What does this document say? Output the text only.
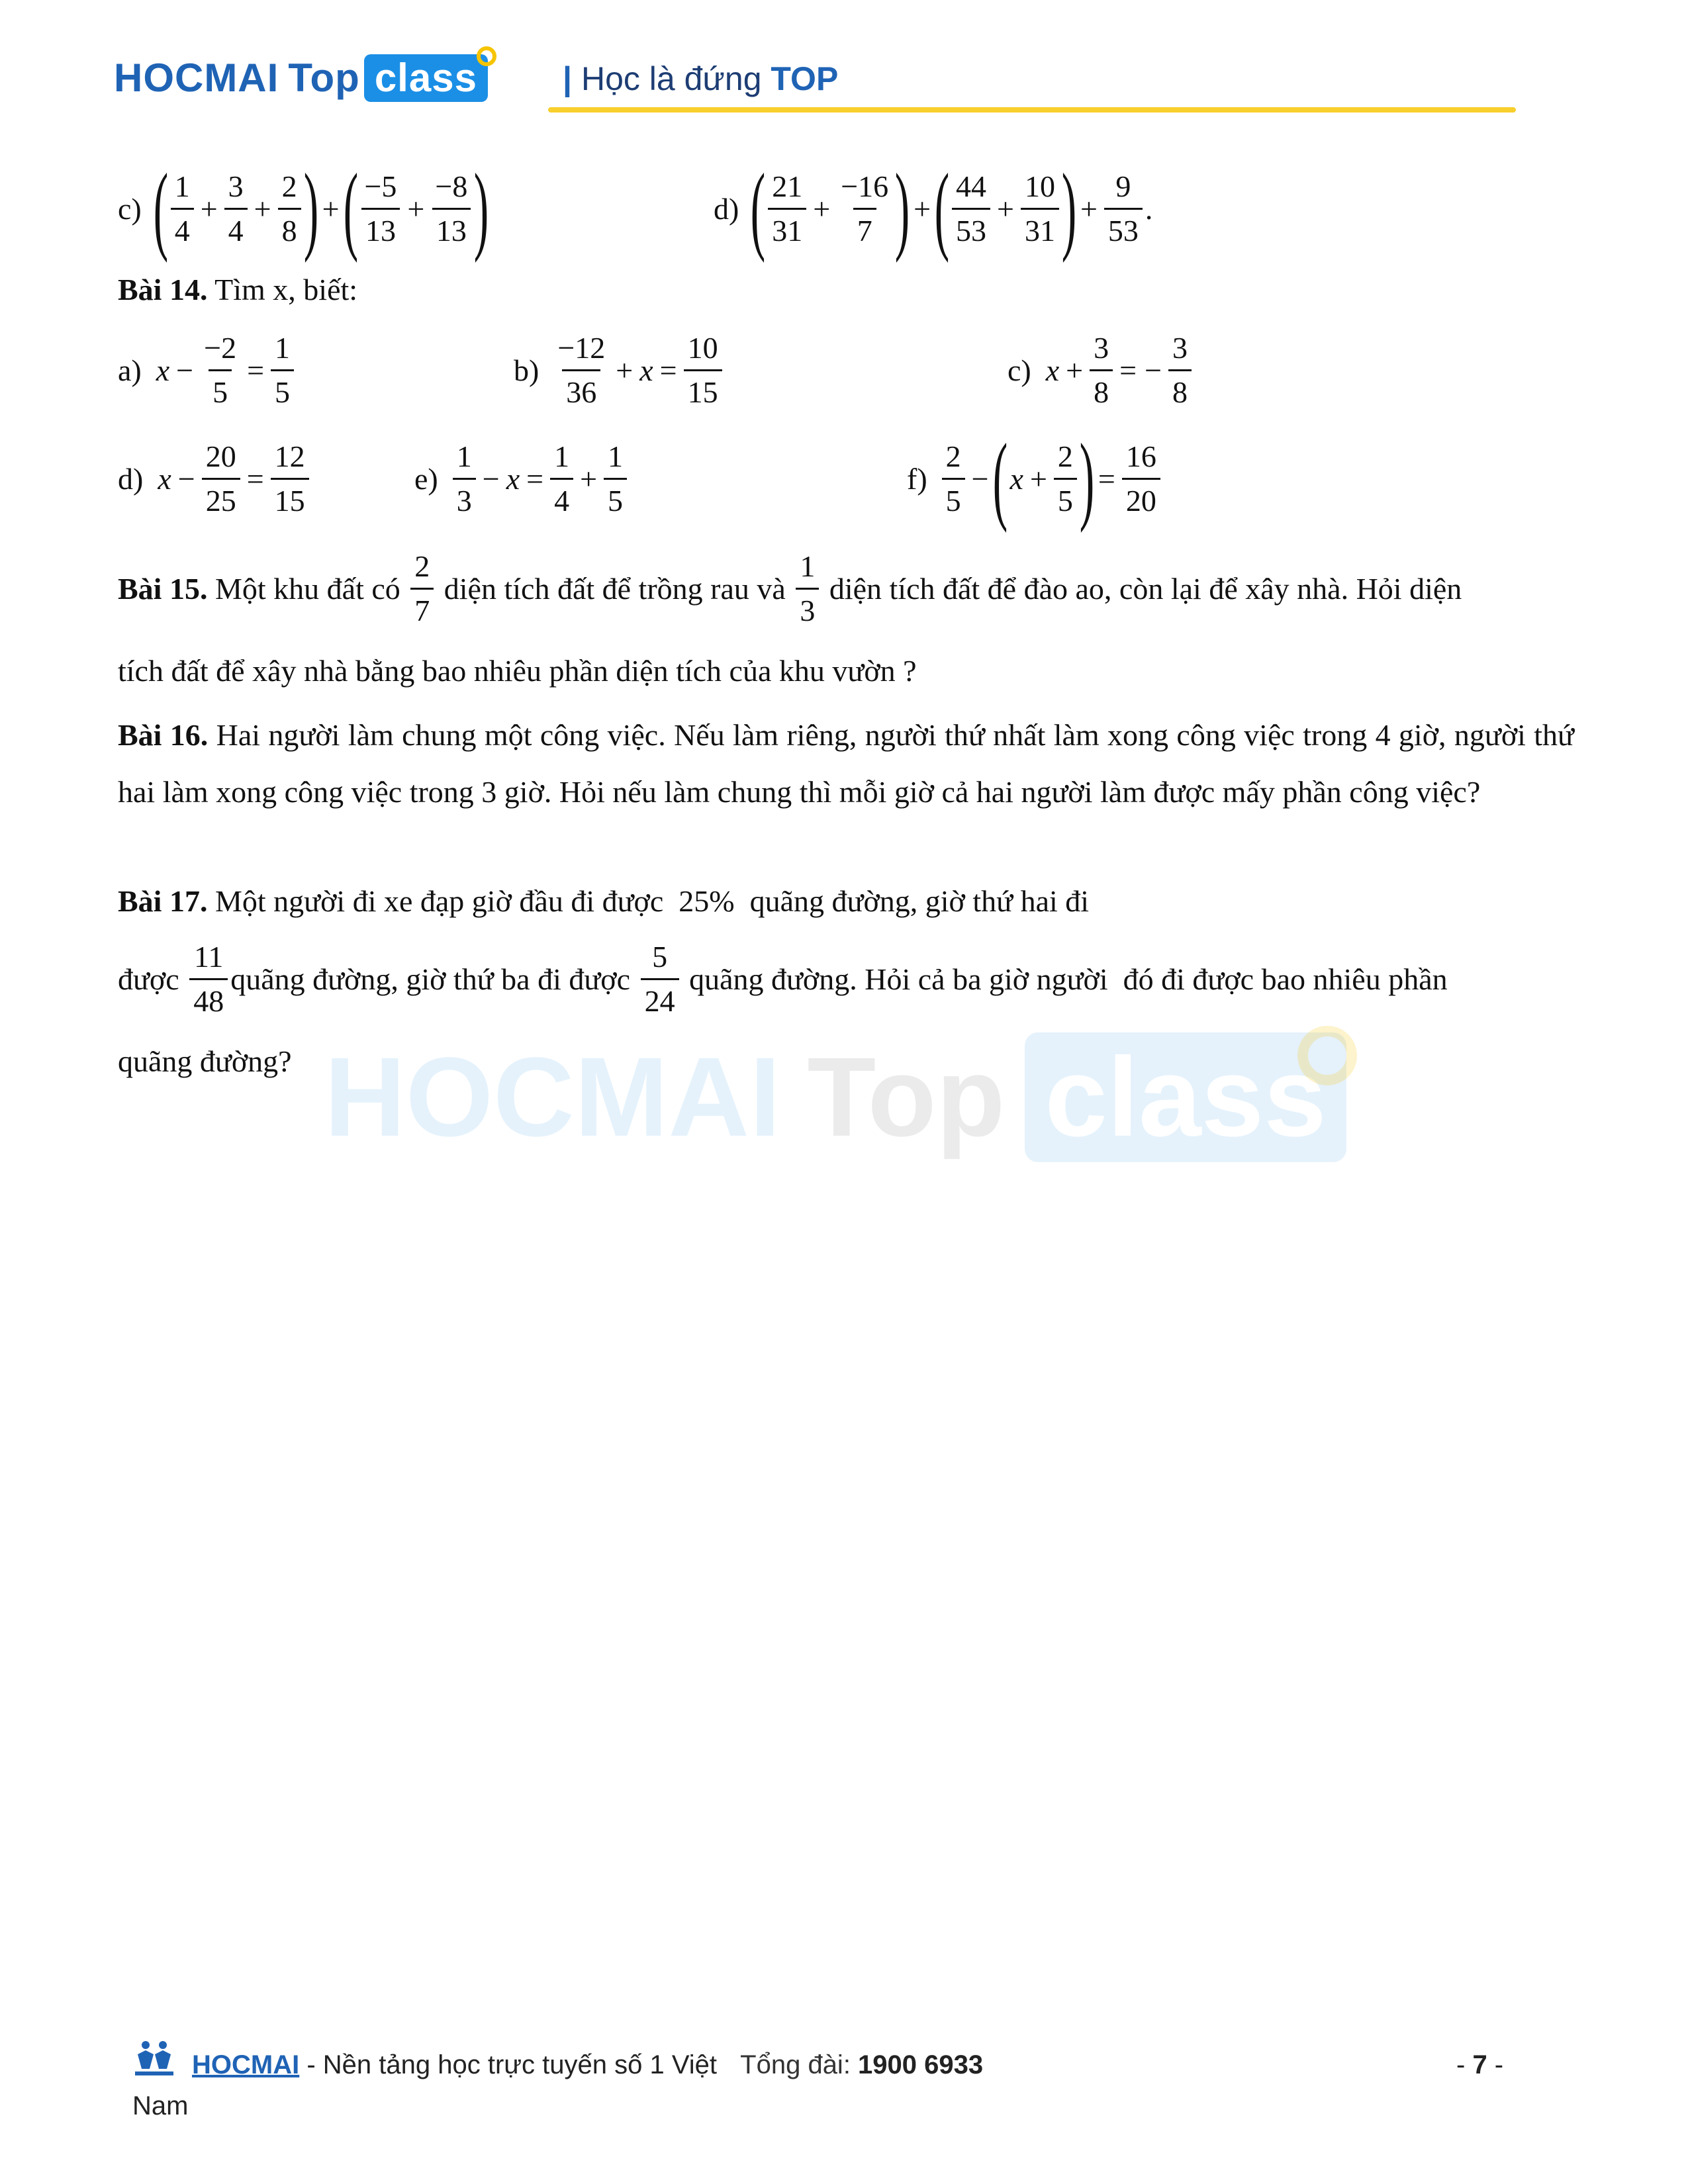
HOCMAI Top class	| Học là đứng TOP
c) ( $\frac{1}{4} + \frac{3}{4} + \frac{2}{8}$ ) + ( $\frac{-5}{13} + \frac{-8}{13}$ )	d) ( $\frac{21}{31} + \frac{-16}{7}$ ) + ( $\frac{44}{53} + \frac{10}{31}$ ) + $\frac{9}{53}$ .
Bài 14. Tìm x, biết:
a) $x - \frac{-2}{5} = \frac{1}{5}$	$b) \frac{-12}{36} + x = \frac{10}{15}$	c) $x + \frac{3}{8}$ = − $\frac{3}{8}$
d) $x - \frac{20}{25} = \frac{12}{15}$	$e) \frac{1}{3} - x = \frac{1}{4} + \frac{1}{5}$	$f) \frac{2}{5}$ − ( $x + \frac{2}{5}$ ) = $\frac{16}{20}$
Bài 15. Một khu đất có $\frac{2}{7}$ diện tích đất để trồng rau và $\frac{1}{3}$ diện tích đất để đào ao, còn lại để xây nhà. Hỏi diện
tích đất để xây nhà bằng bao nhiêu phần diện tích của khu vườn ?
Bài 16. Hai người làm chung một công việc. Nếu làm riêng, người thứ nhất làm xong công việc trong 4 giờ, người thứ hai làm xong công việc trong 3 giờ. Hỏi nếu làm chung thì mỗi giờ cả hai người làm được mấy phần công việc?
Bài 17. Một người đi xe đạp giờ đầu đi được  25%  quãng đường, giờ thứ hai đi
được $\frac{11}{48}$ quãng đường, giờ thứ ba đi được $\frac{5}{24}$ quãng đường. Hỏi cả ba giờ người  đó đi được bao nhiêu phần
quãng đường? HOCMAI Top class
HOCMAI - Nền tảng học trực tuyến số 1 Việt Tổng đài: 1900 6933
Nam
- 7 -
